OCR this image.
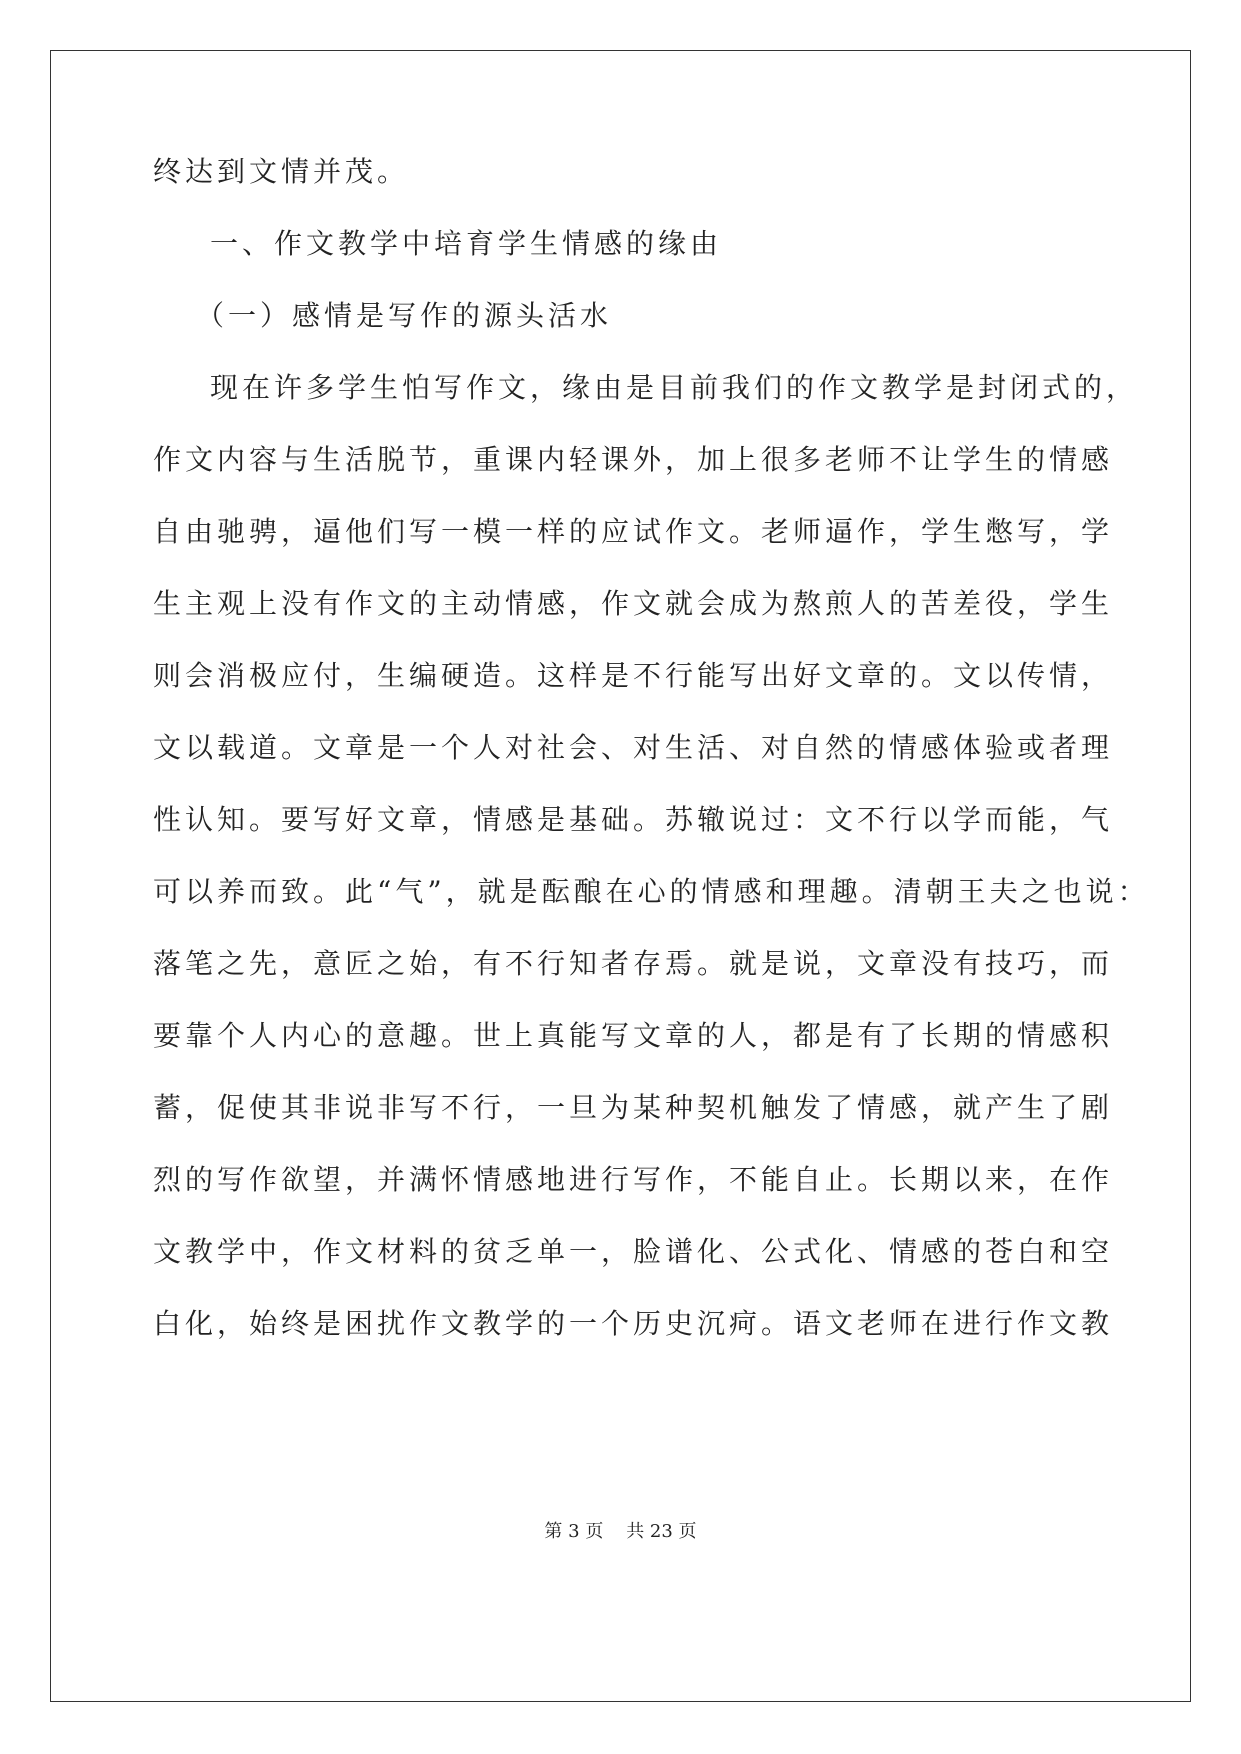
终达到文情并茂。
一、作文教学中培育学生情感的缘由
（一）感情是写作的源头活水
现在许多学生怕写作文，缘由是目前我们的作文教学是封闭式的，
作文内容与生活脱节，重课内轻课外，加上很多老师不让学生的情感
自由驰骋，逼他们写一模一样的应试作文。老师逼作，学生憋写，学
生主观上没有作文的主动情感，作文就会成为熬煎人的苦差役，学生
则会消极应付，生编硬造。这样是不行能写出好文章的。文以传情，
文以载道。文章是一个人对社会、对生活、对自然的情感体验或者理
性认知。要写好文章，情感是基础。苏辙说过：文不行以学而能，气
可以养而致。此“气”，就是酝酿在心的情感和理趣。清朝王夫之也说：
落笔之先，意匠之始，有不行知者存焉。就是说，文章没有技巧，而
要靠个人内心的意趣。世上真能写文章的人，都是有了长期的情感积
蓄，促使其非说非写不行，一旦为某种契机触发了情感，就产生了剧
烈的写作欲望，并满怀情感地进行写作，不能自止。长期以来，在作
文教学中，作文材料的贫乏单一，脸谱化、公式化、情感的苍白和空
白化，始终是困扰作文教学的一个历史沉疴。语文老师在进行作文教
第 3 页    共 23 页
